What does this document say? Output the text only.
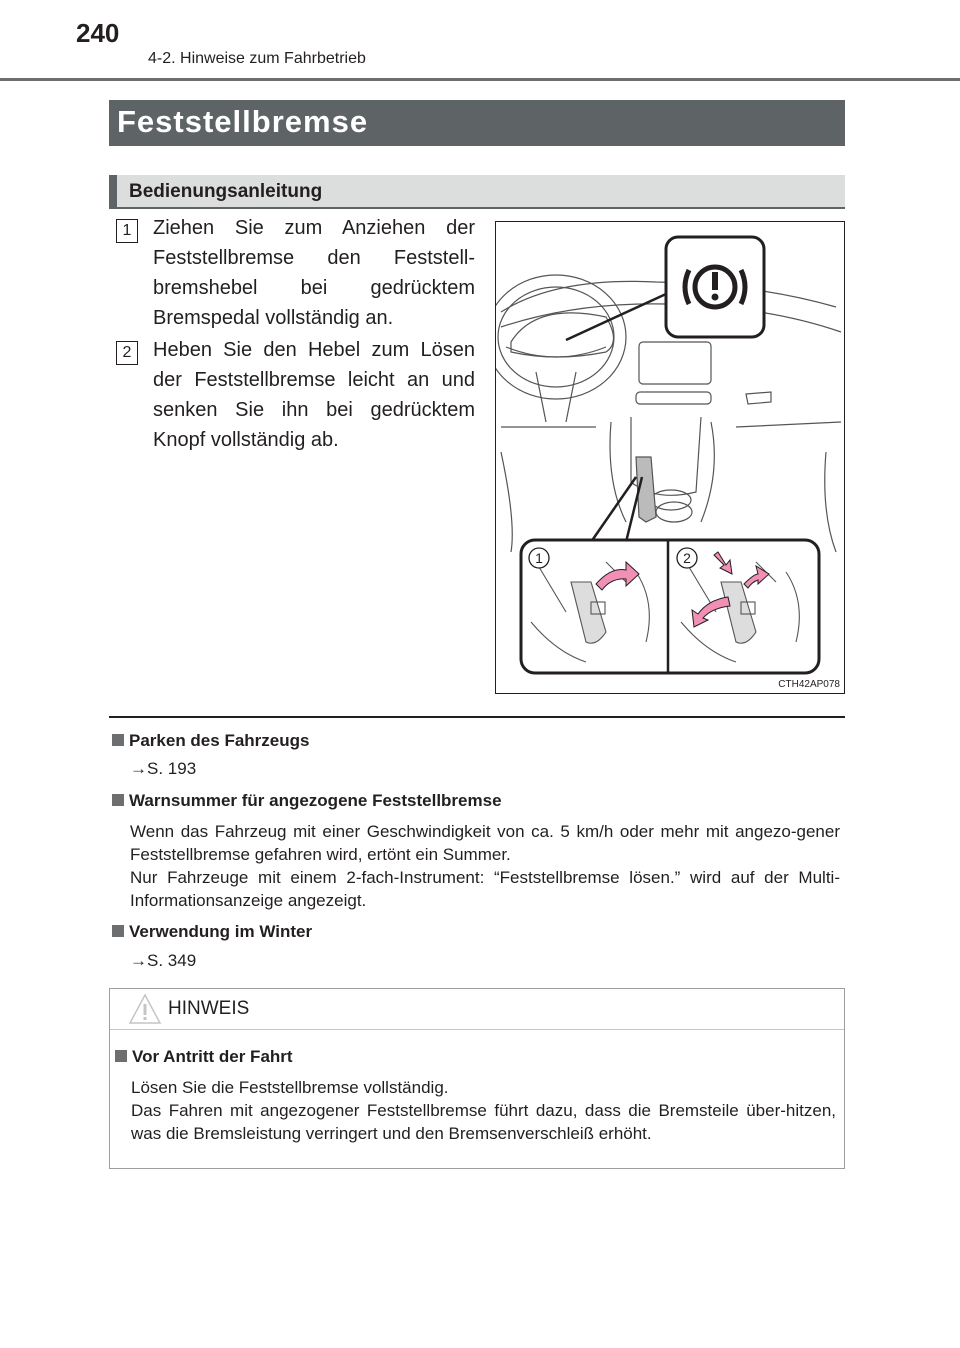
240
4-2. Hinweise zum Fahrbetrieb
Feststellbremse
Bedienungsanleitung
1	Ziehen Sie zum Anziehen der Feststellbremse den Feststell-bremshebel bei gedrücktem Bremspedal vollständig an.
2	Heben Sie den Hebel zum Lösen der Feststellbremse leicht an und senken Sie ihn bei gedrücktem Knopf vollständig ab.
1	2
CTH42AP078
Parken des Fahrzeugs
→S. 193
Warnsummer für angezogene Feststellbremse
Wenn das Fahrzeug mit einer Geschwindigkeit von ca. 5 km/h oder mehr mit angezo-gener Feststellbremse gefahren wird, ertönt ein Summer.
Nur Fahrzeuge mit einem 2-fach-Instrument: “Feststellbremse lösen.” wird auf der Multi-Informationsanzeige angezeigt.
Verwendung im Winter
→S. 349
HINWEIS
Vor Antritt der Fahrt
Lösen Sie die Feststellbremse vollständig.
Das Fahren mit angezogener Feststellbremse führt dazu, dass die Bremsteile über-hitzen, was die Bremsleistung verringert und den Bremsenverschleiß erhöht.
